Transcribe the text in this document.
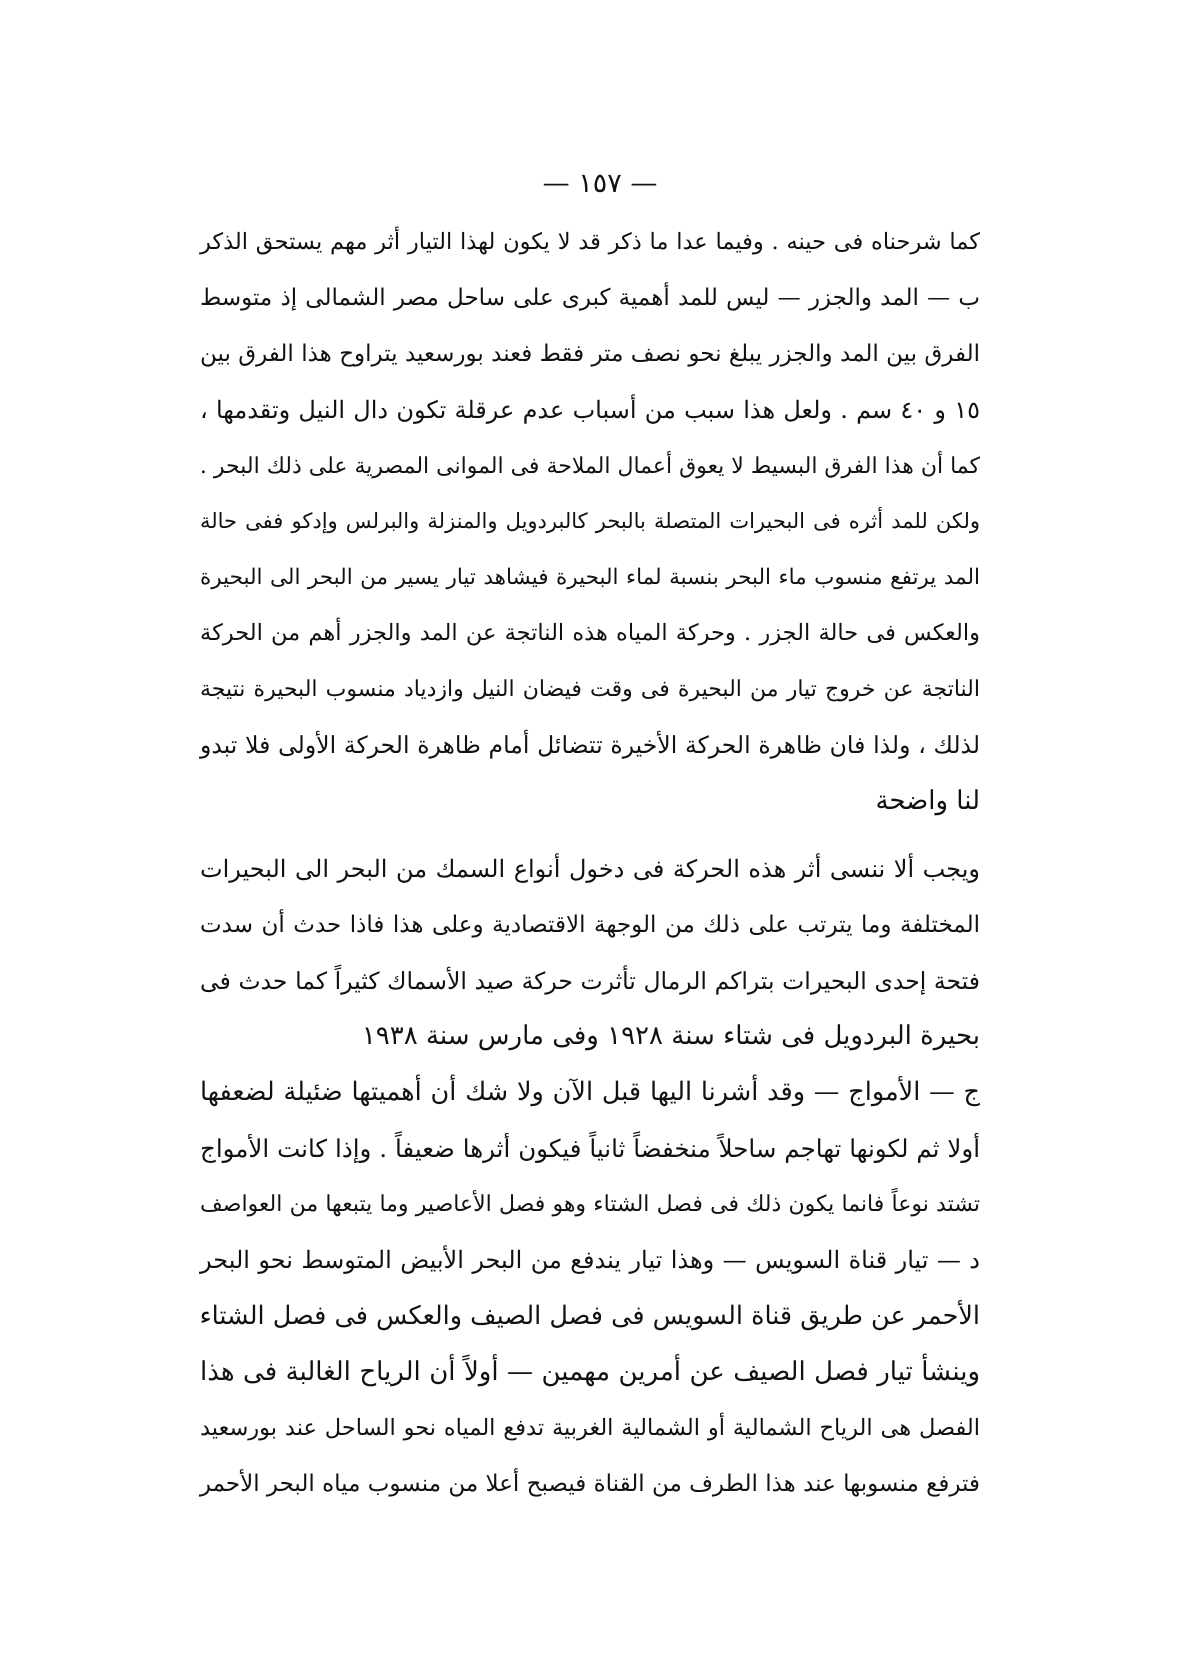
— ١٥٧ —
كما شرحناه فى حينه . وفيما عدا ما ذكر قد لا يكون لهذا التيار أثر مهم يستحق الذكر
ب — المد والجزر — ليس للمد أهمية كبرى على ساحل مصر الشمالى إذ متوسط
الفرق بين المد والجزر يبلغ نحو نصف متر فقط فعند بورسعيد يتراوح هذا الفرق بين
١٥ و ٤٠ سم . ولعل هذا سبب من أسباب عدم عرقلة تكون دال النيل وتقدمها ،
كما أن هذا الفرق البسيط لا يعوق أعمال الملاحة فى الموانى المصرية على ذلك البحر .
ولكن للمد أثره فى البحيرات المتصلة بالبحر كالبردويل والمنزلة والبرلس وإدكو ففى حالة
المد يرتفع منسوب ماء البحر بنسبة لماء البحيرة فيشاهد تيار يسير من البحر الى البحيرة
والعكس فى حالة الجزر . وحركة المياه هذه الناتجة عن المد والجزر أهم من الحركة
الناتجة عن خروج تيار من البحيرة فى وقت فيضان النيل وازدياد منسوب البحيرة نتيجة
لذلك ، ولذا فان ظاهرة الحركة الأخيرة تتضائل أمام ظاهرة الحركة الأولى فلا تبدو
لنا واضحة
ويجب ألا ننسى أثر هذه الحركة فى دخول أنواع السمك من البحر الى البحيرات
المختلفة وما يترتب على ذلك من الوجهة الاقتصادية وعلى هذا فاذا حدث أن سدت
فتحة إحدى البحيرات بتراكم الرمال تأثرت حركة صيد الأسماك كثيراً كما حدث فى
بحيرة البردويل فى شتاء سنة ١٩٢٨ وفى مارس سنة ١٩٣٨
ج — الأمواج — وقد أشرنا اليها قبل الآن ولا شك أن أهميتها ضئيلة لضعفها
أولا ثم لكونها تهاجم ساحلاً منخفضاً ثانياً فيكون أثرها ضعيفاً . وإذا كانت الأمواج
تشتد نوعاً فانما يكون ذلك فى فصل الشتاء وهو فصل الأعاصير وما يتبعها من العواصف
د — تيار قناة السويس — وهذا تيار يندفع من البحر الأبيض المتوسط نحو البحر
الأحمر عن طريق قناة السويس فى فصل الصيف والعكس فى فصل الشتاء
وينشأ تيار فصل الصيف عن أمرين مهمين — أولاً أن الرياح الغالبة فى هذا
الفصل هى الرياح الشمالية أو الشمالية الغربية تدفع المياه نحو الساحل عند بورسعيد
فترفع منسوبها عند هذا الطرف من القناة فيصبح أعلا من منسوب مياه البحر الأحمر
